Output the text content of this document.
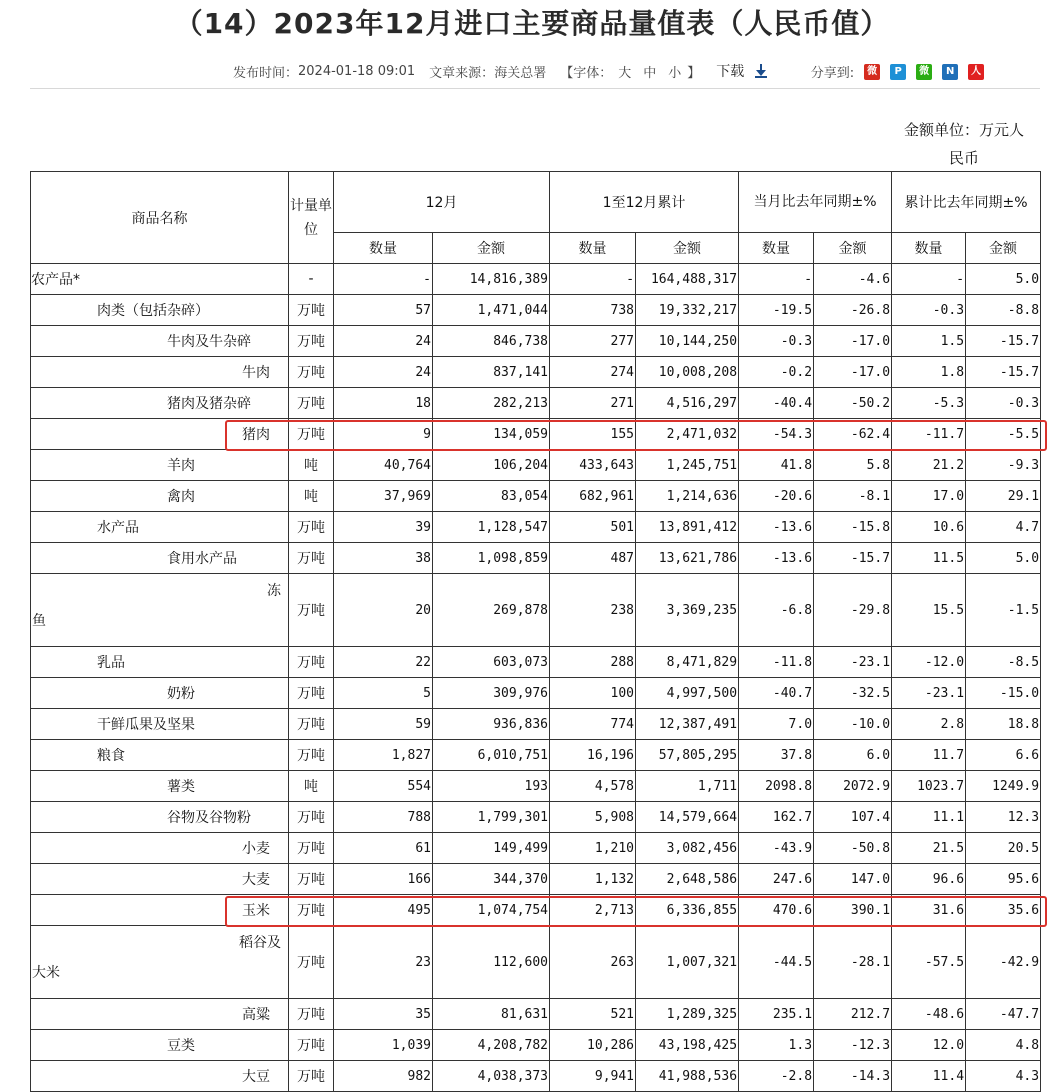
（14）2023年12月进口主要商品量值表（人民币值）
发布时间： 2024-01-18 09:01 文章来源： 海关总署 【字体： 大 中 小 】 下载	分享到:	微 P 微 N 人
金额单位：万元人
民币
商品名称	计量单位	12月		1至12月累计		当月比去年同期±%		累计比去年同期±%	
		数量	金额	数量	金额	数量	金额	数量	金额
农产品*	-	-	14,816,389	-	164,488,317	-	-4.6	-	5.0
肉类（包括杂碎）	万吨	57	1,471,044	738	19,332,217	-19.5	-26.8	-0.3	-8.8
牛肉及牛杂碎	万吨	24	846,738	277	10,144,250	-0.3	-17.0	1.5	-15.7
牛肉	万吨	24	837,141	274	10,008,208	-0.2	-17.0	1.8	-15.7
猪肉及猪杂碎	万吨	18	282,213	271	4,516,297	-40.4	-50.2	-5.3	-0.3
猪肉	万吨	9	134,059	155	2,471,032	-54.3	-62.4	-11.7	-5.5
羊肉	吨	40,764	106,204	433,643	1,245,751	41.8	5.8	21.2	-9.3
禽肉	吨	37,969	83,054	682,961	1,214,636	-20.6	-8.1	17.0	29.1
水产品	万吨	39	1,128,547	501	13,891,412	-13.6	-15.8	10.6	4.7
食用水产品	万吨	38	1,098,859	487	13,621,786	-13.6	-15.7	11.5	5.0

冻
鱼	万吨	20	269,878	238	3,369,235	-6.8	-29.8	15.5	-1.5
乳品	万吨	22	603,073	288	8,471,829	-11.8	-23.1	-12.0	-8.5
奶粉	万吨	5	309,976	100	4,997,500	-40.7	-32.5	-23.1	-15.0
干鲜瓜果及坚果	万吨	59	936,836	774	12,387,491	7.0	-10.0	2.8	18.8
粮食	万吨	1,827	6,010,751	16,196	57,805,295	37.8	6.0	11.7	6.6
薯类	吨	554	193	4,578	1,711	2098.8	2072.9	1023.7	1249.9
谷物及谷物粉	万吨	788	1,799,301	5,908	14,579,664	162.7	107.4	11.1	12.3
小麦	万吨	61	149,499	1,210	3,082,456	-43.9	-50.8	21.5	20.5
大麦	万吨	166	344,370	1,132	2,648,586	247.6	147.0	96.6	95.6
玉米	万吨	495	1,074,754	2,713	6,336,855	470.6	390.1	31.6	35.6

稻谷及
大米	万吨	23	112,600	263	1,007,321	-44.5	-28.1	-57.5	-42.9
高粱	万吨	35	81,631	521	1,289,325	235.1	212.7	-48.6	-47.7
豆类	万吨	1,039	4,208,782	10,286	43,198,425	1.3	-12.3	12.0	4.8
大豆	万吨	982	4,038,373	9,941	41,988,536	-2.8	-14.3	11.4	4.3
